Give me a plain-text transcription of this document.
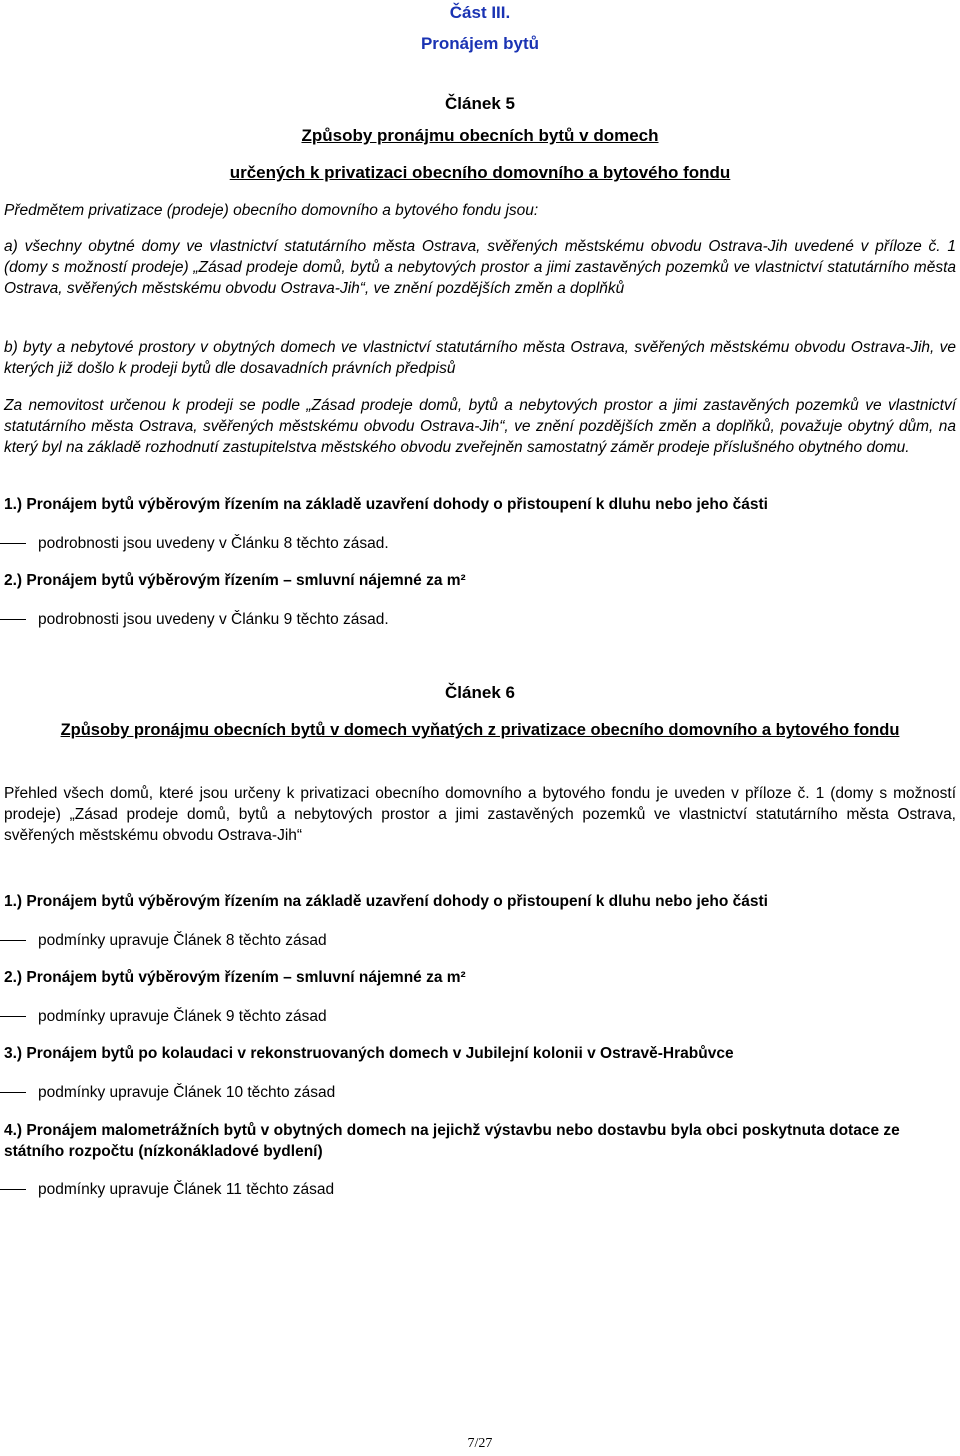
Část III.
Pronájem bytů
Článek 5
Způsoby pronájmu obecních bytů v domech
určených k privatizaci obecního domovního a bytového fondu
Předmětem privatizace (prodeje) obecního domovního a bytového fondu jsou:
a) všechny obytné domy ve vlastnictví statutárního města Ostrava, svěřených městskému obvodu Ostrava-Jih uvedené v příloze č. 1 (domy s možností prodeje) „Zásad prodeje domů, bytů a nebytových prostor a jimi zastavěných pozemků ve vlastnictví statutárního města Ostrava, svěřených městskému obvodu Ostrava-Jih“, ve znění pozdějších změn a doplňků
b) byty a nebytové prostory v obytných domech ve vlastnictví statutárního města Ostrava, svěřených městskému obvodu Ostrava-Jih, ve kterých již došlo k prodeji bytů dle dosavadních právních předpisů
Za nemovitost určenou k prodeji se podle „Zásad prodeje domů, bytů a nebytových prostor a jimi zastavěných pozemků ve vlastnictví statutárního města Ostrava, svěřených městskému obvodu Ostrava-Jih“, ve znění pozdějších změn a doplňků, považuje obytný dům, na který byl na základě rozhodnutí zastupitelstva městského obvodu zveřejněn samostatný záměr prodeje příslušného obytného domu.
1.) Pronájem bytů výběrovým řízením na základě uzavření dohody o přistoupení k dluhu nebo jeho části
podrobnosti jsou uvedeny v Článku 8 těchto zásad.
2.) Pronájem bytů výběrovým řízením – smluvní nájemné za m²
podrobnosti jsou uvedeny v Článku 9 těchto zásad.
Článek 6
Způsoby pronájmu obecních bytů v domech vyňatých z privatizace obecního domovního a bytového fondu
Přehled všech domů, které jsou určeny k privatizaci obecního domovního a bytového fondu je uveden v příloze č. 1 (domy s možností prodeje) „Zásad prodeje domů, bytů a nebytových prostor a jimi zastavěných pozemků ve vlastnictví statutárního města Ostrava, svěřených městskému obvodu Ostrava-Jih“
1.) Pronájem bytů výběrovým řízením na základě uzavření dohody o přistoupení k dluhu nebo jeho části
podmínky upravuje Článek 8 těchto zásad
2.) Pronájem bytů výběrovým řízením – smluvní nájemné za m²
podmínky upravuje Článek 9 těchto zásad
3.) Pronájem bytů po kolaudaci v rekonstruovaných domech v Jubilejní kolonii v Ostravě-Hrabůvce
podmínky upravuje Článek 10 těchto zásad
4.) Pronájem malometrážních bytů v obytných domech na jejichž výstavbu nebo dostavbu byla obci poskytnuta dotace ze státního rozpočtu (nízkonákladové bydlení)
podmínky upravuje Článek 11 těchto zásad
7/27
